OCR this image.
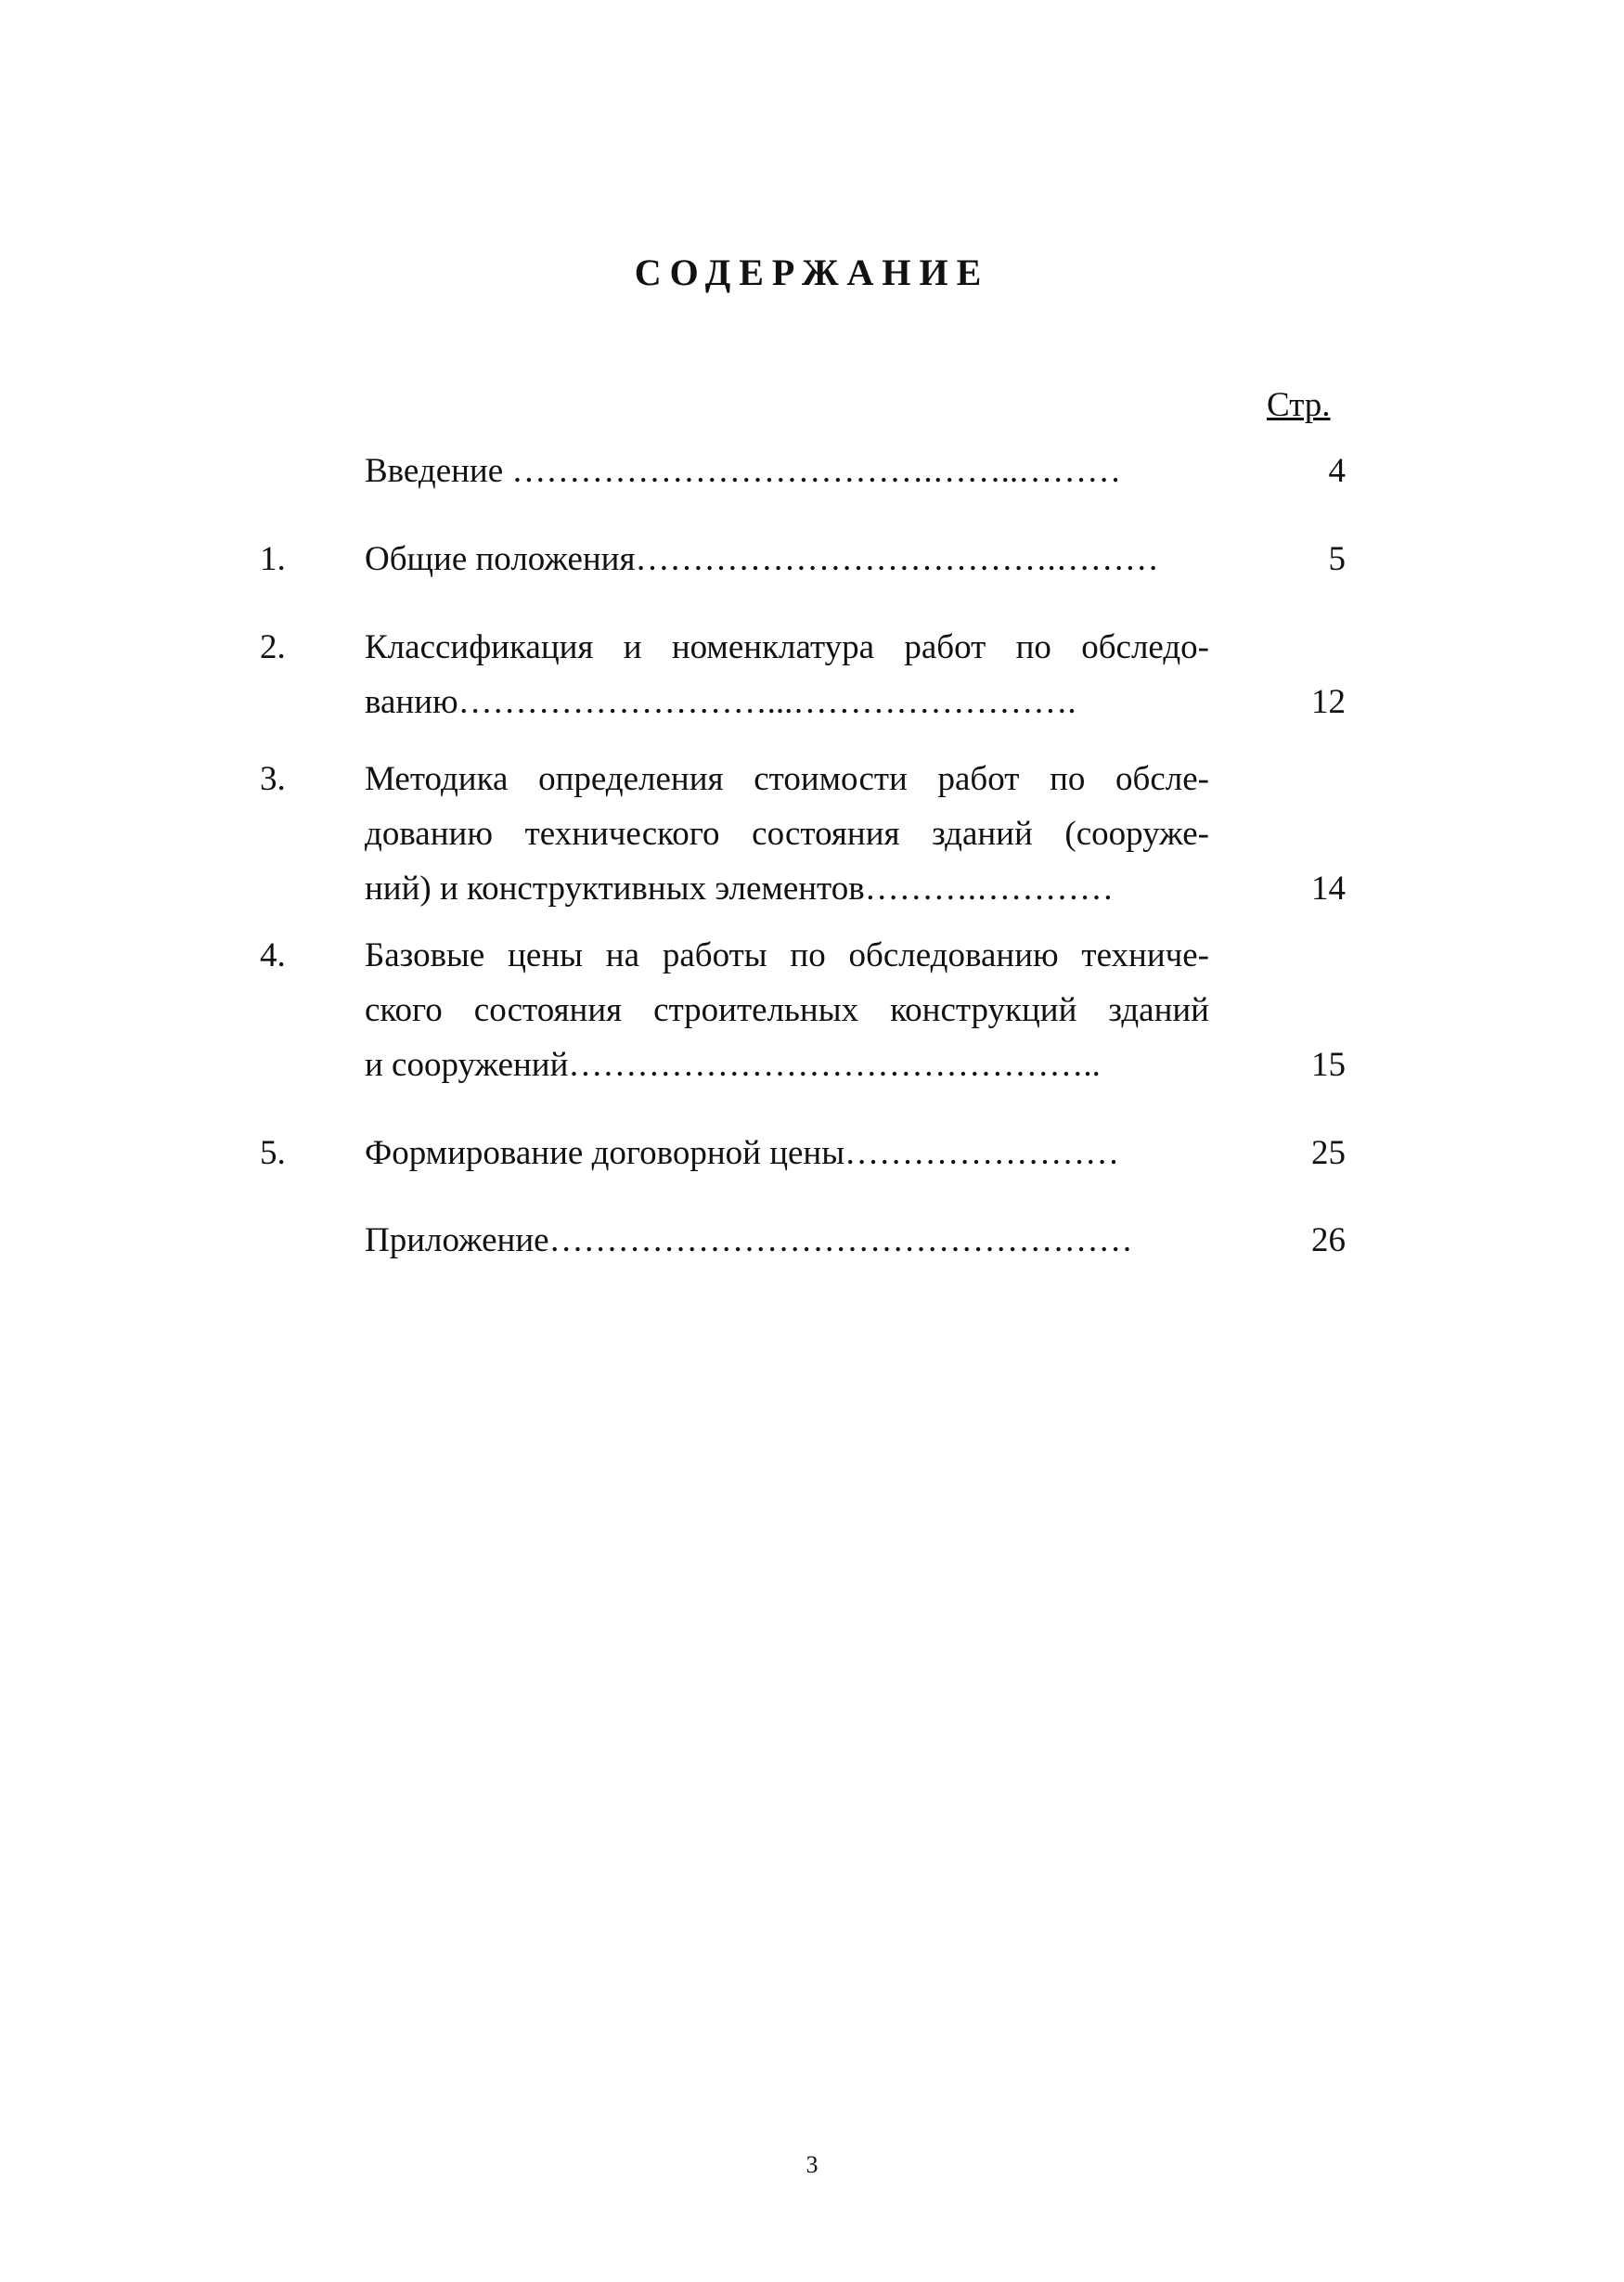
СОДЕРЖАНИЕ
Стр.
Введение ……………………………….……..………	4
1. Общие положения……………………………….………	5
2. Классификация и номенклатура работ по обследо-
ванию………………………...…………………….	12
3. Методика определения стоимости работ по обсле-
дованию технического состояния зданий (сооруже-
ний) и конструктивных элементов……….…………	14
4. Базовые цены на работы по обследованию техниче-
ского состояния строительных конструкций зданий
и сооружений………………………………………..	15
5. Формирование договорной цены……………………	25
Приложение……………………………………………	26
3
